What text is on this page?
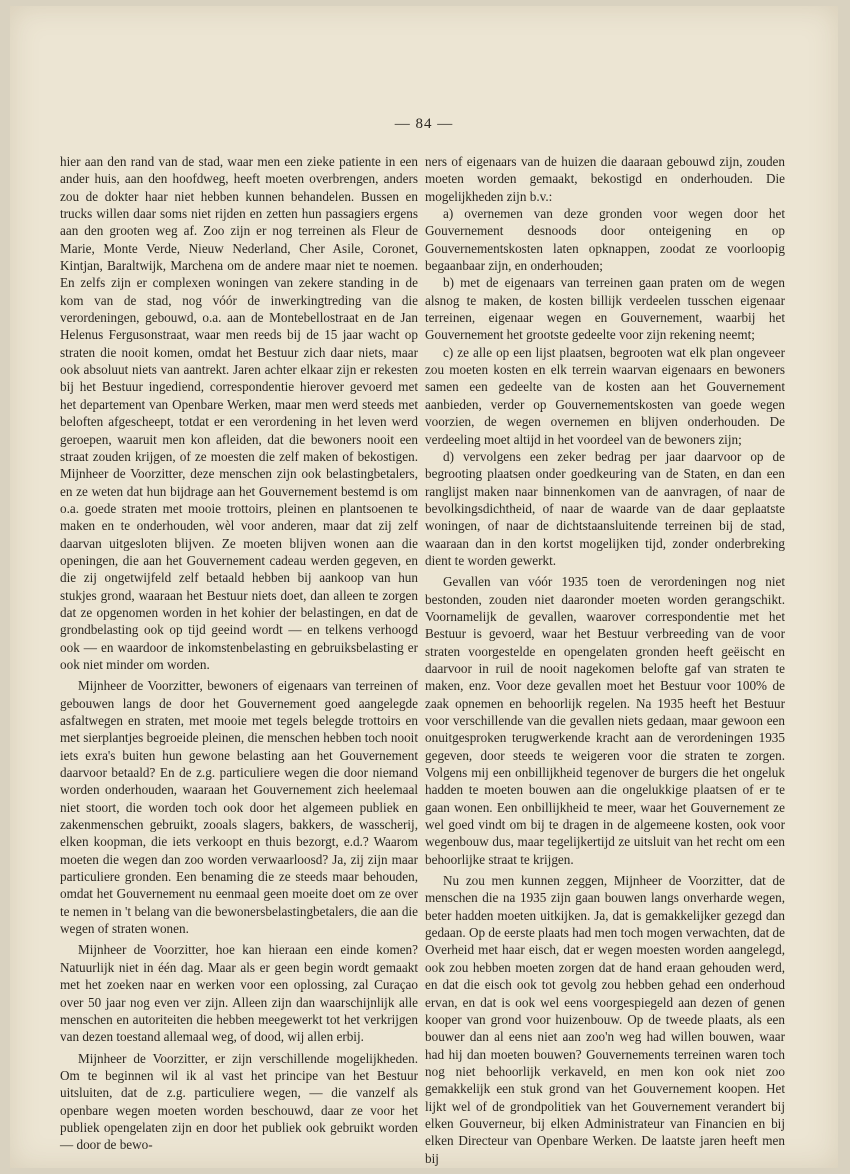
— 84 —

hier aan den rand van de stad, waar men een zieke patiente in een ander huis, aan den hoofdweg, heeft moeten overbrengen, anders zou de dokter haar niet hebben kunnen behandelen. Bussen en trucks willen daar soms niet rijden en zetten hun passagiers ergens aan den grooten weg af. Zoo zijn er nog terreinen als Fleur de Marie, Monte Verde, Nieuw Nederland, Cher Asile, Coronet, Kintjan, Baraltwijk, Marchena om de andere maar niet te noemen. En zelfs zijn er complexen woningen van zekere standing in de kom van de stad, nog vóór de inwerkingtreding van die verordeningen, gebouwd, o.a. aan de Montebellostraat en de Jan Helenus Fergusonstraat, waar men reeds bij de 15 jaar wacht op straten die nooit komen, omdat het Bestuur zich daar niets, maar ook absoluut niets van aantrekt. Jaren achter elkaar zijn er rekesten bij het Bestuur ingediend, correspondentie hierover gevoerd met het departement van Openbare Werken, maar men werd steeds met beloften afgescheept, totdat er een verordening in het leven werd geroepen, waaruit men kon afleiden, dat die bewoners nooit een straat zouden krijgen, of ze moesten die zelf maken of bekostigen. Mijnheer de Voorzitter, deze menschen zijn ook belastingbetalers, en ze weten dat hun bijdrage aan het Gouvernement bestemd is om o.a. goede straten met mooie trottoirs, pleinen en plantsoenen te maken en te onderhouden, wèl voor anderen, maar dat zij zelf daarvan uitgesloten blijven. Ze moeten blijven wonen aan die openingen, die aan het Gouvernement cadeau werden gegeven, en die zij ongetwijfeld zelf betaald hebben bij aankoop van hun stukjes grond, waaraan het Bestuur niets doet, dan alleen te zorgen dat ze opgenomen worden in het kohier der belastingen, en dat de grondbelasting ook op tijd geeind wordt — en telkens verhoogd ook — en waardoor de inkomstenbelasting en gebruiksbelasting er ook niet minder om worden.

Mijnheer de Voorzitter, bewoners of eigenaars van terreinen of gebouwen langs de door het Gouvernement goed aangelegde asfaltwegen en straten, met mooie met tegels belegde trottoirs en met sierplantjes begroeide pleinen, die menschen hebben toch nooit iets exra's buiten hun gewone belasting aan het Gouvernement daarvoor betaald? En de z.g. particuliere wegen die door niemand worden onderhouden, waaraan het Gouvernement zich heelemaal niet stoort, die worden toch ook door het algemeen publiek en zakenmenschen gebruikt, zooals slagers, bakkers, de wasscherij, elken koopman, die iets verkoopt en thuis bezorgt, e.d.? Waarom moeten die wegen dan zoo worden verwaarloosd? Ja, zij zijn maar particuliere gronden. Een benaming die ze steeds maar behouden, omdat het Gouvernement nu eenmaal geen moeite doet om ze over te nemen in 't belang van die bewonersbelastingbetalers, die aan die wegen of straten wonen.

Mijnheer de Voorzitter, hoe kan hieraan een einde komen? Natuurlijk niet in één dag. Maar als er geen begin wordt gemaakt met het zoeken naar en werken voor een oplossing, zal Curaçao over 50 jaar nog even ver zijn. Alleen zijn dan waarschijnlijk alle menschen en autoriteiten die hebben meegewerkt tot het verkrijgen van dezen toestand allemaal weg, of dood, wij allen erbij.

Mijnheer de Voorzitter, er zijn verschillende mogelijkheden. Om te beginnen wil ik al vast het principe van het Bestuur uitsluiten, dat de z.g. particuliere wegen, — die vanzelf als openbare wegen moeten worden beschouwd, daar ze voor het publiek opengelaten zijn en door het publiek ook gebruikt worden — door de bewo-

ners of eigenaars van de huizen die daaraan gebouwd zijn, zouden moeten worden gemaakt, bekostigd en onderhouden. Die mogelijkheden zijn b.v.:

a) overnemen van deze gronden voor wegen door het Gouvernement desnoods door onteigening en op Gouvernementskosten laten opknappen, zoodat ze voorloopig begaanbaar zijn, en onderhouden;

b) met de eigenaars van terreinen gaan praten om de wegen alsnog te maken, de kosten billijk verdeelen tusschen eigenaar terreinen, eigenaar wegen en Gouvernement, waarbij het Gouvernement het grootste gedeelte voor zijn rekening neemt;

c) ze alle op een lijst plaatsen, begrooten wat elk plan ongeveer zou moeten kosten en elk terrein waarvan eigenaars en bewoners samen een gedeelte van de kosten aan het Gouvernement aanbieden, verder op Gouvernementskosten van goede wegen voorzien, de wegen overnemen en blijven onderhouden. De verdeeling moet altijd in het voordeel van de bewoners zijn;

d) vervolgens een zeker bedrag per jaar daarvoor op de begrooting plaatsen onder goedkeuring van de Staten, en dan een ranglijst maken naar binnenkomen van de aanvragen, of naar de bevolkingsdichtheid, of naar de waarde van de daar geplaatste woningen, of naar de dichtstaansluitende terreinen bij de stad, waaraan dan in den kortst mogelijken tijd, zonder onderbreking dient te worden gewerkt.

Gevallen van vóór 1935 toen de verordeningen nog niet bestonden, zouden niet daaronder moeten worden gerangschikt. Voornamelijk de gevallen, waarover correspondentie met het Bestuur is gevoerd, waar het Bestuur verbreeding van de voor straten voorgestelde en opengelaten gronden heeft geëischt en daarvoor in ruil de nooit nagekomen belofte gaf van straten te maken, enz. Voor deze gevallen moet het Bestuur voor 100% de zaak opnemen en behoorlijk regelen. Na 1935 heeft het Bestuur voor verschillende van die gevallen niets gedaan, maar gewoon een onuitgesproken terugwerkende kracht aan de verordeningen 1935 gegeven, door steeds te weigeren voor die straten te zorgen. Volgens mij een onbillijkheid tegenover de burgers die het ongeluk hadden te moeten bouwen aan die ongelukkige plaatsen of er te gaan wonen. Een onbillijkheid te meer, waar het Gouvernement ze wel goed vindt om bij te dragen in de algemeene kosten, ook voor wegenbouw dus, maar tegelijkertijd ze uitsluit van het recht om een behoorlijke straat te krijgen.

Nu zou men kunnen zeggen, Mijnheer de Voorzitter, dat de menschen die na 1935 zijn gaan bouwen langs onverharde wegen, beter hadden moeten uitkijken. Ja, dat is gemakkelijker gezegd dan gedaan. Op de eerste plaats had men toch mogen verwachten, dat de Overheid met haar eisch, dat er wegen moesten worden aangelegd, ook zou hebben moeten zorgen dat de hand eraan gehouden werd, en dat die eisch ook tot gevolg zou hebben gehad een onderhoud ervan, en dat is ook wel eens voorgespiegeld aan dezen of genen kooper van grond voor huizenbouw. Op de tweede plaats, als een bouwer dan al eens niet aan zoo'n weg had willen bouwen, waar had hij dan moeten bouwen? Gouvernements terreinen waren toch nog niet behoorlijk verkaveld, en men kon ook niet zoo gemakkelijk een stuk grond van het Gouvernement koopen. Het lijkt wel of de grondpolitiek van het Gouvernement verandert bij elken Gouverneur, bij elken Administrateur van Financien en bij elken Directeur van Openbare Werken. De laatste jaren heeft men bij
